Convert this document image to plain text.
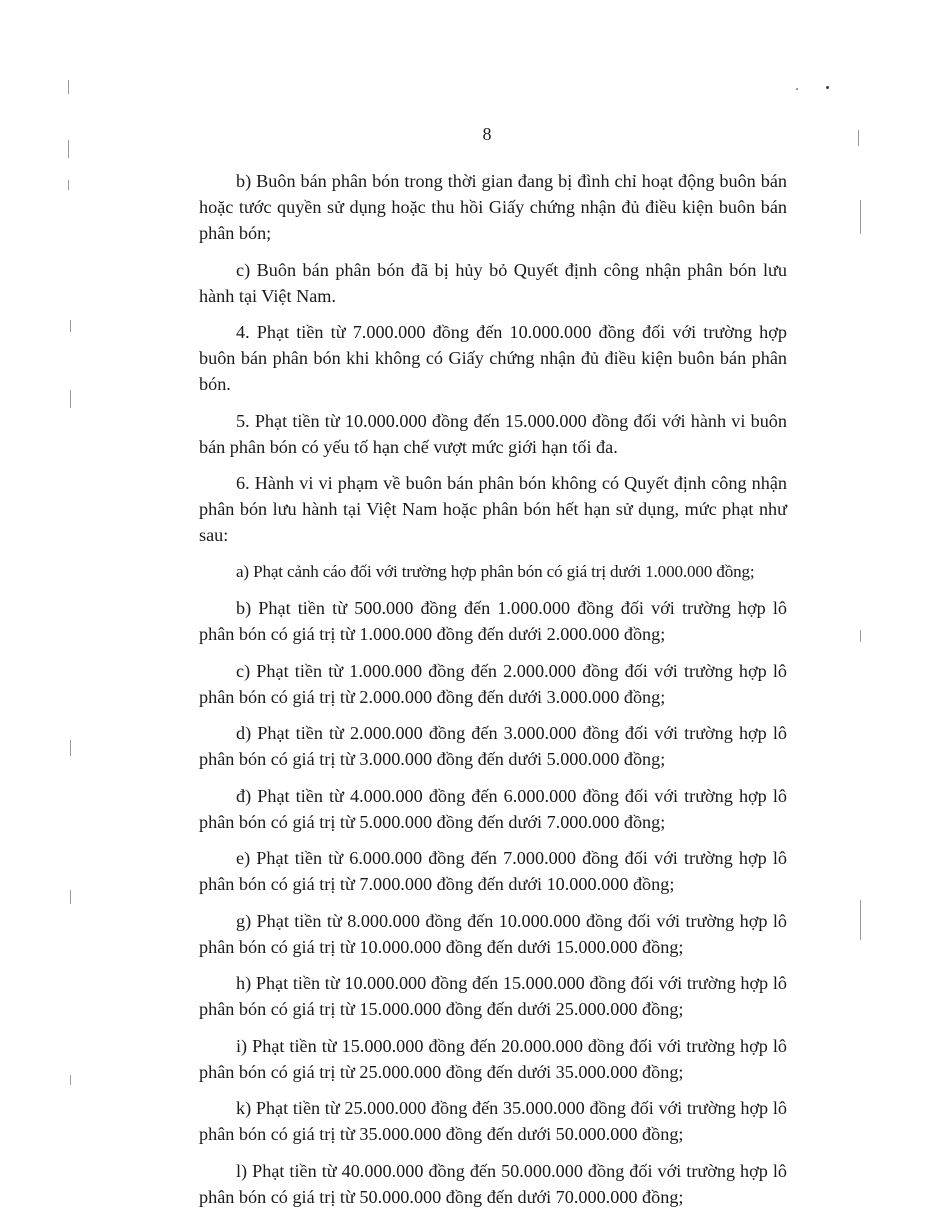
8

b) Buôn bán phân bón trong thời gian đang bị đình chỉ hoạt động buôn bán hoặc tước quyền sử dụng hoặc thu hồi Giấy chứng nhận đủ điều kiện buôn bán phân bón;

c) Buôn bán phân bón đã bị hủy bỏ Quyết định công nhận phân bón lưu hành tại Việt Nam.

4. Phạt tiền từ 7.000.000 đồng đến 10.000.000 đồng đối với trường hợp buôn bán phân bón khi không có Giấy chứng nhận đủ điều kiện buôn bán phân bón.

5. Phạt tiền từ 10.000.000 đồng đến 15.000.000 đồng đối với hành vi buôn bán phân bón có yếu tố hạn chế vượt mức giới hạn tối đa.

6. Hành vi vi phạm về buôn bán phân bón không có Quyết định công nhận phân bón lưu hành tại Việt Nam hoặc phân bón hết hạn sử dụng, mức phạt như sau:

a) Phạt cảnh cáo đối với trường hợp phân bón có giá trị dưới 1.000.000 đồng;

b) Phạt tiền từ 500.000 đồng đến 1.000.000 đồng đối với trường hợp lô phân bón có giá trị từ 1.000.000 đồng đến dưới 2.000.000 đồng;

c) Phạt tiền từ 1.000.000 đồng đến 2.000.000 đồng đối với trường hợp lô phân bón có giá trị từ 2.000.000 đồng đến dưới 3.000.000 đồng;

d) Phạt tiền từ 2.000.000 đồng đến 3.000.000 đồng đối với trường hợp lô phân bón có giá trị từ 3.000.000 đồng đến dưới 5.000.000 đồng;

đ) Phạt tiền từ 4.000.000 đồng đến 6.000.000 đồng đối với trường hợp lô phân bón có giá trị từ 5.000.000 đồng đến dưới 7.000.000 đồng;

e) Phạt tiền từ 6.000.000 đồng đến 7.000.000 đồng đối với trường hợp lô phân bón có giá trị từ 7.000.000 đồng đến dưới 10.000.000 đồng;

g) Phạt tiền từ 8.000.000 đồng đến 10.000.000 đồng đối với trường hợp lô phân bón có giá trị từ 10.000.000 đồng đến dưới 15.000.000 đồng;

h) Phạt tiền từ 10.000.000 đồng đến 15.000.000 đồng đối với trường hợp lô phân bón có giá trị từ 15.000.000 đồng đến dưới 25.000.000 đồng;

i) Phạt tiền từ 15.000.000 đồng đến 20.000.000 đồng đối với trường hợp lô phân bón có giá trị từ 25.000.000 đồng đến dưới 35.000.000 đồng;

k) Phạt tiền từ 25.000.000 đồng đến 35.000.000 đồng đối với trường hợp lô phân bón có giá trị từ 35.000.000 đồng đến dưới 50.000.000 đồng;

l) Phạt tiền từ 40.000.000 đồng đến 50.000.000 đồng đối với trường hợp lô phân bón có giá trị từ 50.000.000 đồng đến dưới 70.000.000 đồng;
